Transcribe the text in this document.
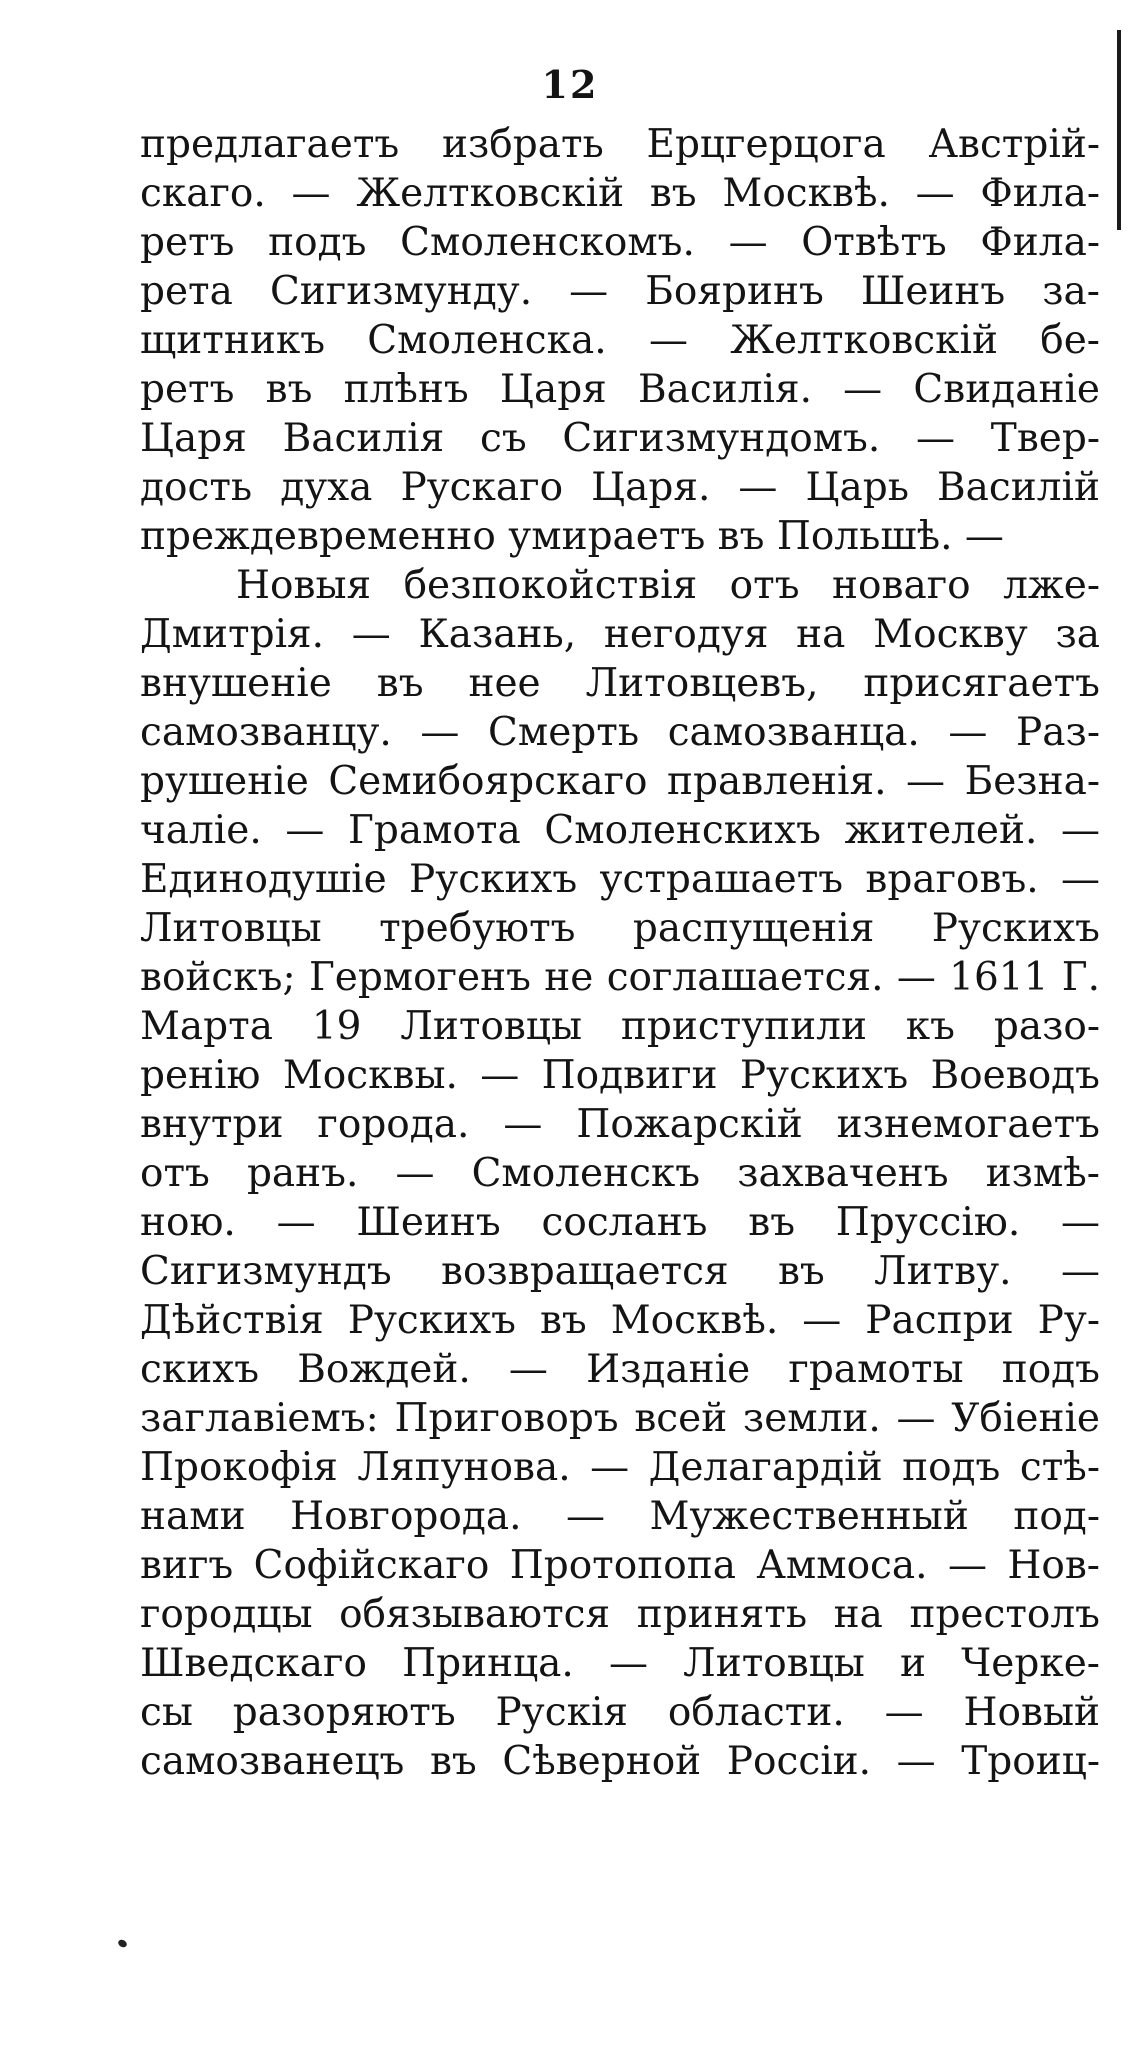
12
предлагаетъ избрать Ерцгерцога Австрій-
скаго. — Желтковскій въ Москвѣ. — Фила-
ретъ подъ Смоленскомъ. — Отвѣтъ Фила-
рета Сигизмунду. — Бояринъ Шеинъ за-
щитникъ Смоленска. — Желтковскій бе-
ретъ въ плѣнъ Царя Василія. — Свиданіе
Царя Василія съ Сигизмундомъ. — Твер-
дость духа Рускаго Царя. — Царь Василій
преждевременно умираетъ въ Польшѣ. —
Новыя безпокойствія отъ новаго лже-
Дмитрія. — Казань, негодуя на Москву за
внушеніе въ нее Литовцевъ, присягаетъ
самозванцу. — Смерть самозванца. — Раз-
рушеніе Семибоярскаго правленія. — Безна-
чаліе. — Грамота Смоленскихъ жителей. —
Единодушіе Рускихъ устрашаетъ враговъ. —
Литовцы требуютъ распущенія Рускихъ
войскъ; Гермогенъ не соглашается. — 1611 Г.
Марта 19 Литовцы приступили къ разо-
ренію Москвы. — Подвиги Рускихъ Воеводъ
внутри города. — Пожарскій изнемогаетъ
отъ ранъ. — Смоленскъ захваченъ измѣ-
ною. — Шеинъ сосланъ въ Пруссію. —
Сигизмундъ возвращается въ Литву. —
Дѣйствія Рускихъ въ Москвѣ. — Распри Ру-
скихъ Вождей. — Изданіе грамоты подъ
заглавіемъ: Приговоръ всей земли. — Убіеніе
Прокофія Ляпунова. — Делагардій подъ стѣ-
нами Новгорода. — Мужественный под-
вигъ Софійскаго Протопопа Аммоса. — Нов-
городцы обязываются принять на престолъ
Шведскаго Принца. — Литовцы и Черке-
сы разоряютъ Рускія области. — Новый
самозванецъ въ Сѣверной Россіи. — Троиц-
